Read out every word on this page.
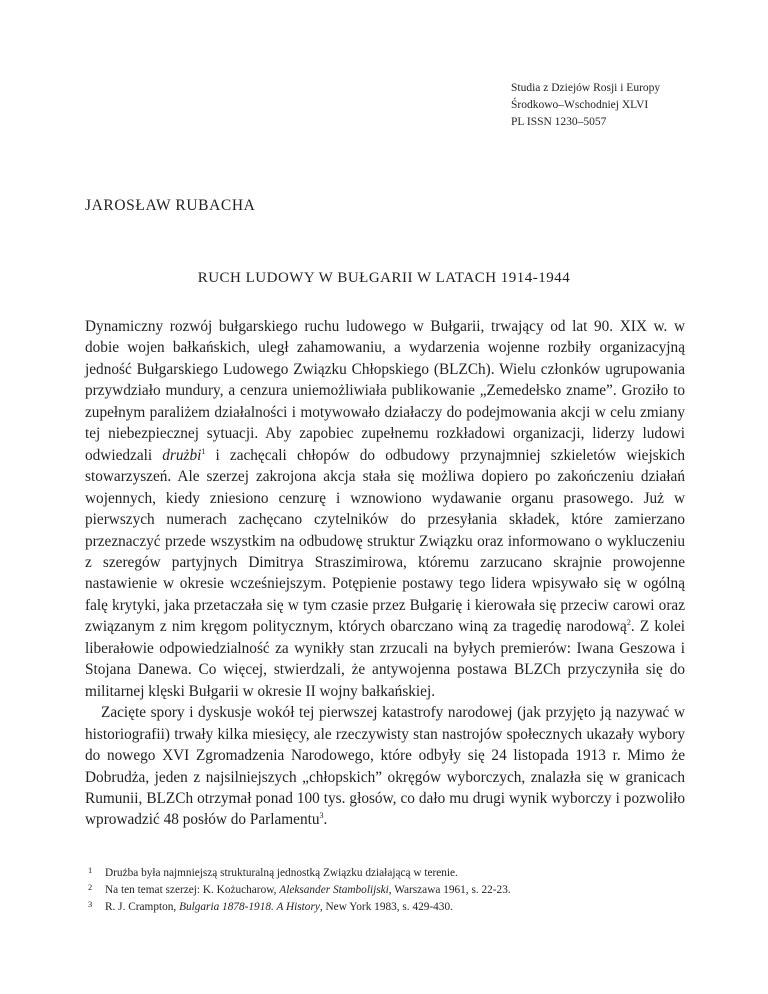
Studia z Dziejów Rosji i Europy
Środkowo–Wschodniej XLVI
PL ISSN 1230–5057
JAROSŁAW RUBACHA
RUCH LUDOWY W BUŁGARII W LATACH 1914-1944

Dynamiczny rozwój bułgarskiego ruchu ludowego w Bułgarii, trwający od lat 90. XIX w. w dobie wojen bałkańskich, uległ zahamowaniu, a wydarzenia wojenne rozbiły organizacyjną jedność Bułgarskiego Ludowego Związku Chłopskiego (BLZCh). Wielu członków ugrupowania przywdziało mundury, a cenzura uniemożliwiała publikowanie „Zemedełsko zname”. Groziło to zupełnym paraliżem działalności i motywowało działaczy do podejmowania akcji w celu zmiany tej niebezpiecznej sytuacji. Aby zapobiec zupełnemu rozkładowi organizacji, liderzy ludowi odwiedzali drużbi$^1$ i zachęcali chłopów do odbudowy przynajmniej szkieletów wiejskich stowarzyszeń. Ale szerzej zakrojona akcja stała się możliwa dopiero po zakończeniu działań wojennych, kiedy zniesiono cenzurę i wznowiono wydawanie organu prasowego. Już w pierwszych numerach zachęcano czytelników do przesyłania składek, które zamierzano przeznaczyć przede wszystkim na odbudowę struktur Związku oraz informowano o wykluczeniu z szeregów partyjnych Dimitrya Straszimirowa, któremu zarzucano skrajnie prowojenne nastawienie w okresie wcześniejszym. Potępienie postawy tego lidera wpisywało się w ogólną falę krytyki, jaka przetaczała się w tym czasie przez Bułgarię i kierowała się przeciw carowi oraz związanym z nim kręgom politycznym, których obarczano winą za tragedię narodową$^2$. Z kolei liberałowie odpowiedzialność za wynikły stan zrzucali na byłych premierów: Iwana Geszowa i Stojana Danewa. Co więcej, stwierdzali, że antywojenna postawa BLZCh przyczyniła się do militarnej klęski Bułgarii w okresie II wojny bałkańskiej.

Zacięte spory i dyskusje wokół tej pierwszej katastrofy narodowej (jak przyjęto ją nazywać w historiografii) trwały kilka miesięcy, ale rzeczywisty stan nastrojów społecznych ukazały wybory do nowego XVI Zgromadzenia Narodowego, które odbyły się 24 listopada 1913 r. Mimo że Dobrudża, jeden z najsilniejszych „chłopskich” okręgów wyborczych, znalazła się w granicach Rumunii, BLZCh otrzymał ponad 100 tys. głosów, co dało mu drugi wynik wyborczy i pozwoliło wprowadzić 48 posłów do Parlamentu$^3$.

1 Drużba była najmniejszą strukturalną jednostką Związku działającą w terenie.
2 Na ten temat szerzej: K. Kożucharow, Aleksander Stambolijski, Warszawa 1961, s. 22-23.
3 R. J. Crampton, Bulgaria 1878-1918. A History, New York 1983, s. 429-430.
